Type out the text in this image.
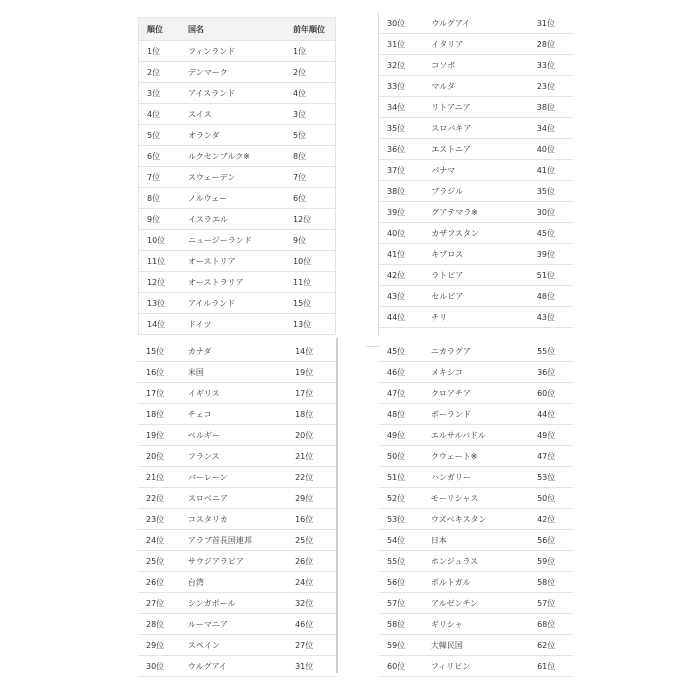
順位	国名	前年順位
1位	フィンランド	1位
2位	デンマーク	2位
3位	アイスランド	4位
4位	スイス	3位
5位	オランダ	5位
6位	ルクセンブルク※	8位
7位	スウェーデン	7位
8位	ノルウェー	6位
9位	イスラエル	12位
10位	ニュージーランド	9位
11位	オーストリア	10位
12位	オーストラリア	11位
13位	アイルランド	15位
14位	ドイツ	13位
15位	カナダ	14位
16位	米国	19位
17位	イギリス	17位
18位	チェコ	18位
19位	ベルギー	20位
20位	フランス	21位
21位	バーレーン	22位
22位	スロベニア	29位
23位	コスタリカ	16位
24位	アラブ首長国連邦	25位
25位	サウジアラビア	26位
26位	台湾	24位
27位	シンガポール	32位
28位	ルーマニア	46位
29位	スペイン	27位
30位	ウルグアイ	31位
30位	ウルグアイ	31位
31位	イタリア	28位
32位	コソボ	33位
33位	マルタ	23位
34位	リトアニア	38位
35位	スロバキア	34位
36位	エストニア	40位
37位	パナマ	41位
38位	ブラジル	35位
39位	グアテマラ※	30位
40位	カザフスタン	45位
41位	キプロス	39位
42位	ラトビア	51位
43位	セルビア	48位
44位	チリ	43位
45位	ニカラグア	55位
46位	メキシコ	36位
47位	クロアチア	60位
48位	ポーランド	44位
49位	エルサルバドル	49位
50位	クウェート※	47位
51位	ハンガリー	53位
52位	モーリシャス	50位
53位	ウズベキスタン	42位
54位	日本	56位
55位	ホンジュラス	59位
56位	ポルトガル	58位
57位	アルゼンチン	57位
58位	ギリシャ	68位
59位	大韓民国	62位
60位	フィリピン	61位
